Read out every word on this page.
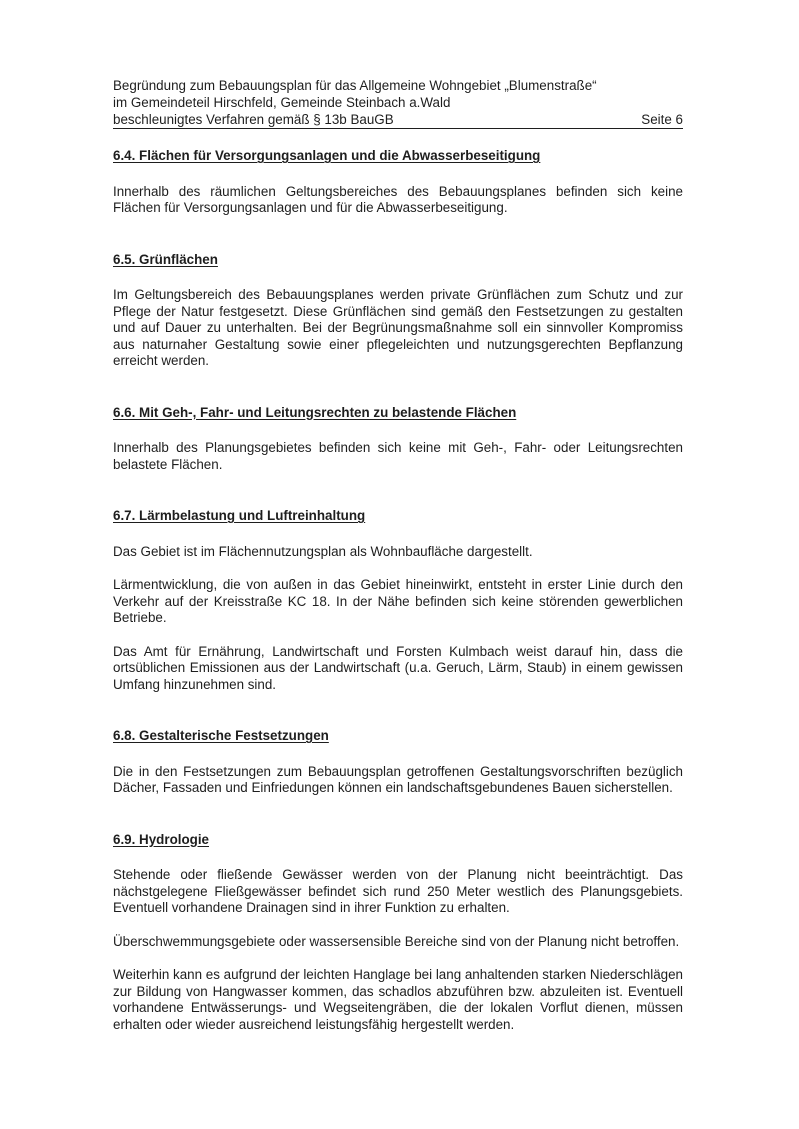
Begründung zum Bebauungsplan für das Allgemeine Wohngebiet „Blumenstraße“
im Gemeindeteil Hirschfeld, Gemeinde Steinbach a.Wald
beschleunigtes Verfahren gemäß § 13b BauGB	Seite 6
6.4. Flächen für Versorgungsanlagen und die Abwasserbeseitigung

Innerhalb des räumlichen Geltungsbereiches des Bebauungsplanes befinden sich keine Flächen für Versorgungsanlagen und für die Abwasserbeseitigung.

6.5. Grünflächen

Im Geltungsbereich des Bebauungsplanes werden private Grünflächen zum Schutz und zur Pflege der Natur festgesetzt. Diese Grünflächen sind gemäß den Festsetzungen zu gestalten und auf Dauer zu unterhalten. Bei der Begrünungsmaßnahme soll ein sinnvoller Kompromiss aus naturnaher Gestaltung sowie einer pflegeleichten und nutzungsgerechten Bepflanzung erreicht werden.

6.6. Mit Geh-, Fahr- und Leitungsrechten zu belastende Flächen

Innerhalb des Planungsgebietes befinden sich keine mit Geh-, Fahr- oder Leitungsrechten belastete Flächen.

6.7. Lärmbelastung und Luftreinhaltung

Das Gebiet ist im Flächennutzungsplan als Wohnbaufläche dargestellt.

Lärmentwicklung, die von außen in das Gebiet hineinwirkt, entsteht in erster Linie durch den Verkehr auf der Kreisstraße KC 18. In der Nähe befinden sich keine störenden gewerblichen Betriebe.

Das Amt für Ernährung, Landwirtschaft und Forsten Kulmbach weist darauf hin, dass die ortsüblichen Emissionen aus der Landwirtschaft (u.a. Geruch, Lärm, Staub) in einem gewissen Umfang hinzunehmen sind.

6.8. Gestalterische Festsetzungen

Die in den Festsetzungen zum Bebauungsplan getroffenen Gestaltungsvorschriften bezüglich Dächer, Fassaden und Einfriedungen können ein landschaftsgebundenes Bauen sicherstellen.

6.9. Hydrologie

Stehende oder fließende Gewässer werden von der Planung nicht beeinträchtigt. Das nächstgelegene Fließgewässer befindet sich rund 250 Meter westlich des Planungsgebiets. Eventuell vorhandene Drainagen sind in ihrer Funktion zu erhalten.

Überschwemmungsgebiete oder wassersensible Bereiche sind von der Planung nicht betroffen.

Weiterhin kann es aufgrund der leichten Hanglage bei lang anhaltenden starken Niederschlägen zur Bildung von Hangwasser kommen, das schadlos abzuführen bzw. abzuleiten ist. Eventuell vorhandene Entwässerungs- und Wegseitengräben, die der lokalen Vorflut dienen, müssen erhalten oder wieder ausreichend leistungsfähig hergestellt werden.
